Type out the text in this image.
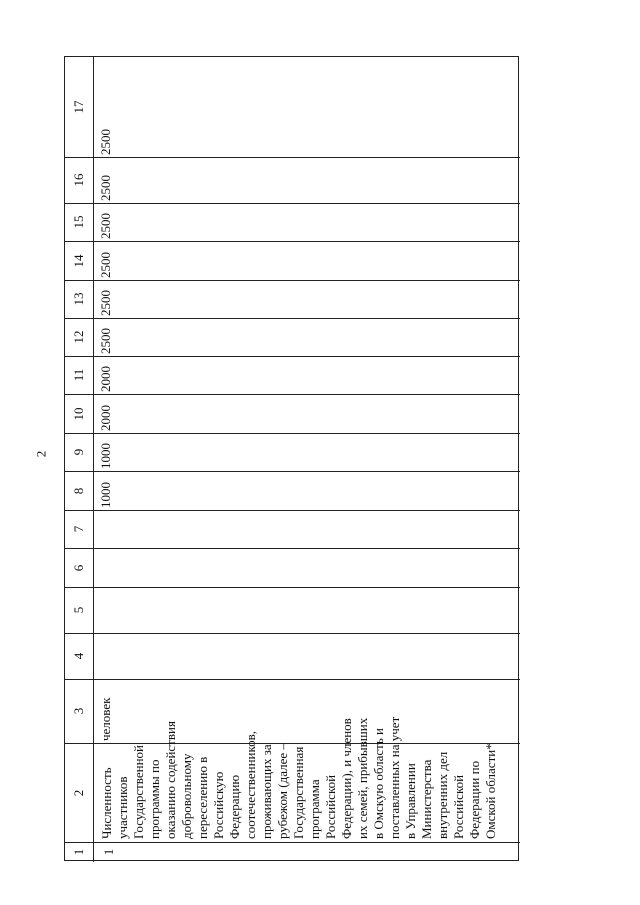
2
1
2
3
4
5
6
7
8
9
10
11
12
13
14
15
16
17
1
Численность участников Государственной программы по оказанию содействия добровольному переселению в Российскую Федерацию соотечественников, проживающих за рубежом (далее – Государственная программа Российской Федерации), и членов их семей, прибывших в Омскую область и поставленных на учет в Управлении Министерства внутренних дел Российской Федерации по Омской области*
человек
1000
1000
2000
2000
2500
2500
2500
2500
2500
2500
